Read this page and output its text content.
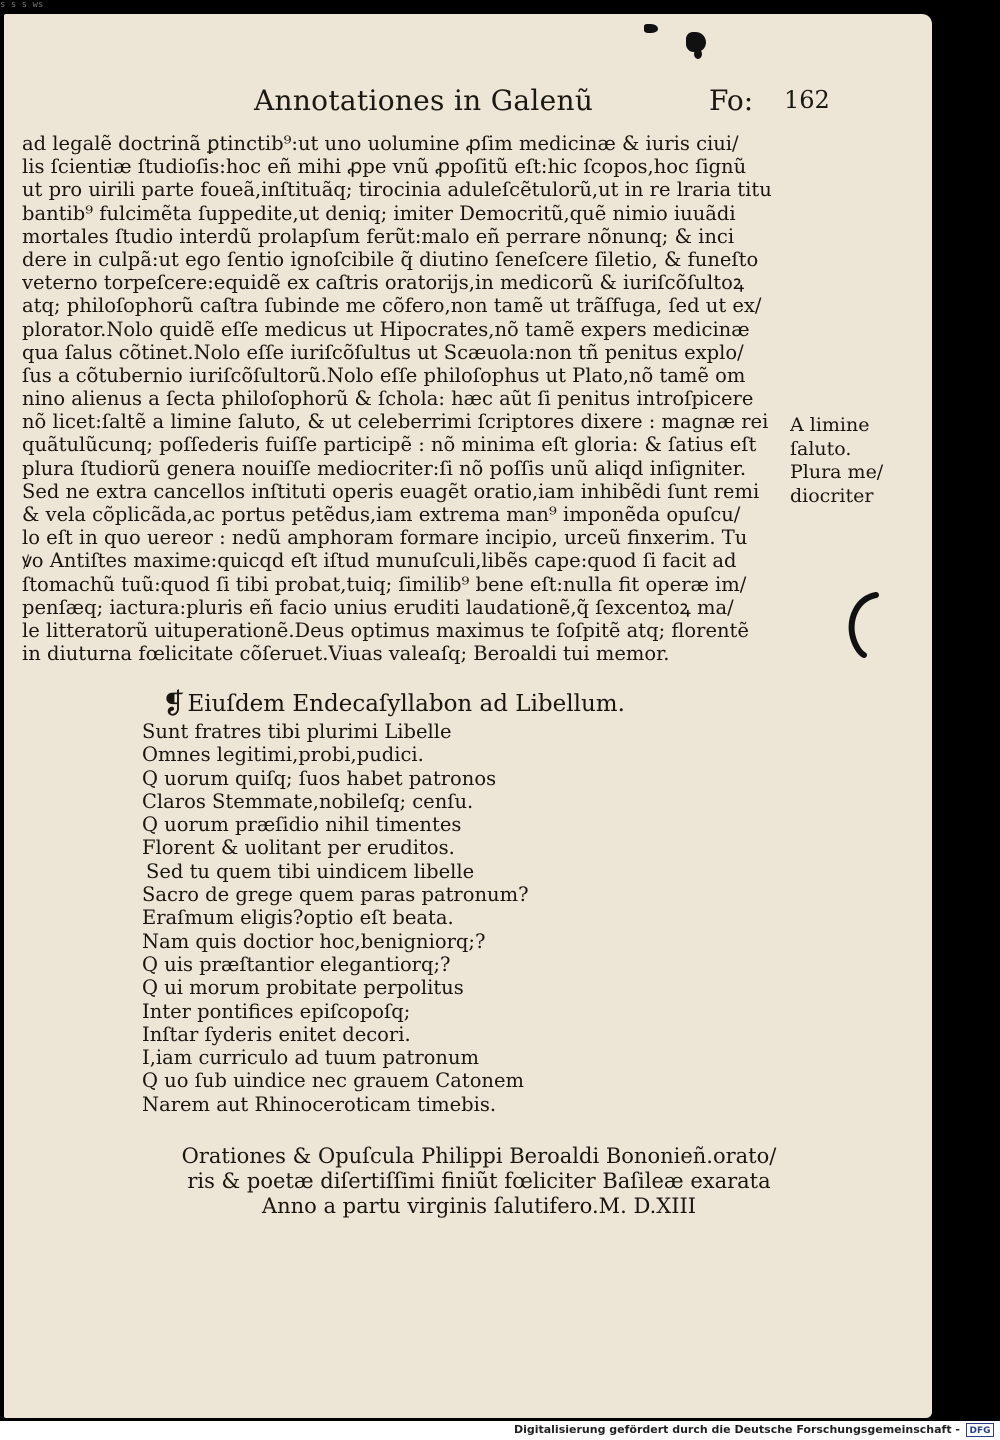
s s s ws
Annotationes in Galenũ	Fo: 162
ad legalẽ doctrinã ꝑtinctib⁹:ut uno uolumine ꝓſim medicinæ & iuris ciui/
lis ſcientiæ ſtudioſis:hoc eñ mihi ꝓpe vnũ ꝓpoſitũ eſt:hic ſcopos,hoc ſignũ
ut pro uirili parte foueã,inſtituãq; tirocinia aduleſcẽtulorũ,ut in re lraria titu
bantib⁹ fulcimẽta ſuppedite,ut deniq; imiter Democritũ,quẽ nimio iuuãdi
mortales ſtudio interdũ prolapſum ferũt:malo eñ perrare nõnunq; & inci
dere in culpã:ut ego ſentio ignoſcibile q̃ diutino ſeneſcere ſiletio, & funeſto
veterno torpeſcere:equidẽ ex caſtris oratorijs,in medicorũ & iuriſcõſultoꝝ
atq; philoſophorũ caſtra ſubinde me cõfero,non tamẽ ut trãſfuga, ſed ut ex/
plorator.Nolo quidẽ eſſe medicus ut Hipocrates,nõ tamẽ expers medicinæ
qua ſalus cõtinet.Nolo eſſe iuriſcõſultus ut Scæuola:non tñ penitus explo/
ſus a cõtubernio iuriſcõſultorũ.Nolo eſſe philoſophus ut Plato,nõ tamẽ om
nino alienus a ſecta philoſophorũ & ſchola: hæc aũt ſi penitus introſpicere
nõ licet:ſaltẽ a limine ſaluto, & ut celeberrimi ſcriptores dixere : magnæ rei
quãtulũcunq; poſſederis fuiſſe participẽ : nõ minima eſt gloria: & ſatius eſt
plura ſtudiorũ genera nouiſſe mediocriter:ſi nõ poſſis unũ aliqd inſigniter.
Sed ne extra cancellos inſtituti operis euagẽt oratio,iam inhibẽdi ſunt remi
& vela cõplicãda,ac portus petẽdus,iam extrema man⁹ imponẽda opuſcu/
lo eſt in quo uereor : nedũ amphoram formare incipio, urceũ finxerim. Tu
ꝟo Antiſtes maxime:quicqd eſt iſtud munuſculi,libẽs cape:quod ſi facit ad
ſtomachũ tuũ:quod ſi tibi probat,tuiq; ſimilib⁹ bene eſt:nulla fit operæ im/
penſæq; iactura:pluris eñ facio unius eruditi laudationẽ,q̃ ſexcentoꝝ ma/
le litteratorũ uituperationẽ.Deus optimus maximus te ſoſpitẽ atq; florentẽ
in diuturna fœlicitate cõſeruet.Viuas valeaſq; Beroaldi tui memor.
A limine
ſaluto.
Plura me/
diocriter
❡Eiuſdem Endecaſyllabon ad Libellum.
Sunt fratres tibi plurimi Libelle
Omnes legitimi,probi,pudici.
Q uorum quiſq; ſuos habet patronos
Claros Stemmate,nobileſq; cenſu.
Q uorum præſidio nihil timentes
Florent & uolitant per eruditos.
Sed tu quem tibi uindicem libelle
Sacro de grege quem paras patronum?
Eraſmum eligis?optio eſt beata.
Nam quis doctior hoc,benigniorq;?
Q uis præſtantior elegantiorq;?
Q ui morum probitate perpolitus
Inter pontifices epiſcopoſq;
Inſtar ſyderis enitet decori.
I,iam curriculo ad tuum patronum
Q uo ſub uindice nec grauem Catonem
Narem aut Rhinoceroticam timebis.
Orationes & Opuſcula Philippi Beroaldi Bononieñ.orato/
ris & poetæ diſertiſſimi finiũt fœliciter Baſileæ exarata
Anno a partu virginis ſalutifero.M. D.XIII
Digitalisierung gefördert durch die Deutsche Forschungsgemeinschaft -	DFG
